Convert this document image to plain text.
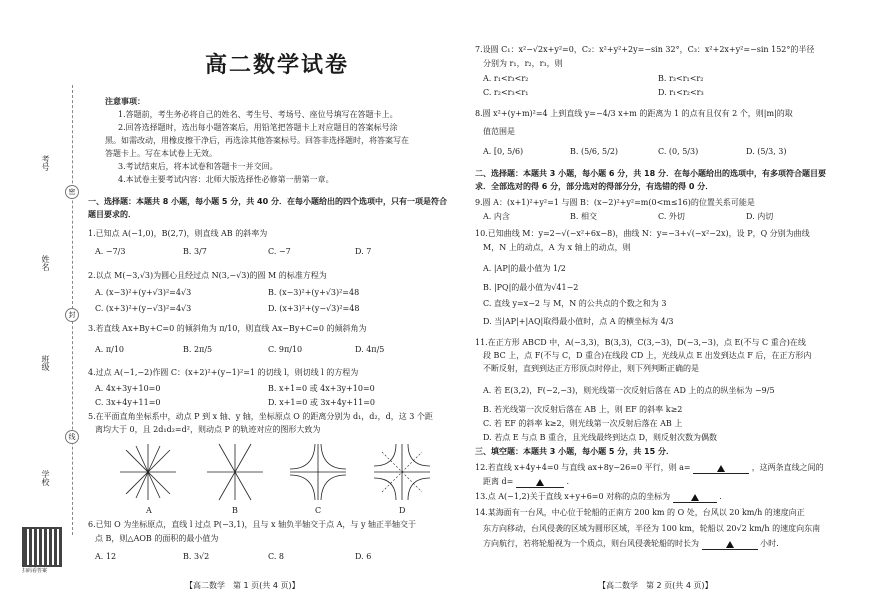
考号
姓名
班级
学校
密
封
线
扫码看答案
高二数学试卷
注意事项：
1.答题前，考生务必将自己的姓名、考生号、考场号、座位号填写在答题卡上。
2.回答选择题时，选出每小题答案后，用铅笔把答题卡上对应题目的答案标号涂
黑。如需改动，用橡皮擦干净后，再选涂其他答案标号。回答非选择题时，将答案写在
答题卡上。写在本试卷上无效。
3.考试结束后，将本试卷和答题卡一并交回。
4.本试卷主要考试内容：北师大版选择性必修第一册第一章。
一、选择题：本题共 8 小题，每小题 5 分，共 40 分．在每小题给出的四个选项中，只有一项是符合
题目要求的．
1.已知点 A(−1,0)，B(2,7)，则直线 AB 的斜率为
A. −7/3	B. 3/7	C. −7	D. 7
2.以点 M(−3,√3)为圆心且经过点 N(3,−√3)的圆 M 的标准方程为
A. (x−3)²+(y+√3)²=4√3	B. (x−3)²+(y+√3)²=48
C. (x+3)²+(y−√3)²=4√3	D. (x+3)²+(y−√3)²=48
3.若直线 Ax+By+C=0 的倾斜角为 π/10，则直线 Ax−By+C=0 的倾斜角为
A. π/10	B. 2π/5	C. 9π/10	D. 4π/5
4.过点 A(−1,−2)作圆 C：(x+2)²+(y−1)²=1 的切线 l，则切线 l 的方程为
A. 4x+3y+10=0	B. x+1=0 或 4x+3y+10=0
C. 3x+4y+11=0	D. x+1=0 或 3x+4y+11=0
5.在平面直角坐标系中，动点 P 到 x 轴、y 轴，坐标原点 O 的距离分别为 d₁，d₂，d，这 3 个距
离均大于 0，且 2d₁d₂=d²，则动点 P 的轨迹对应的图形大致为
A	B	C	D
6.已知 O 为坐标原点，直线 l 过点 P(−3,1)，且与 x 轴负半轴交于点 A，与 y 轴正半轴交于
点 B，则△AOB 的面积的最小值为
A. 12	B. 3√2	C. 8	D. 6
【高二数学　第 1 页(共 4 页)】
7.设圆 C₁：x²−√2x+y²=0，C₂：x²+y²+2y=−sin 32°，C₃：x²+2x+y²=−sin 152°的半径
分别为 r₁，r₂，r₃，则
A. r₁<r₃<r₂	B. r₃<r₁<r₂
C. r₂<r₃<r₁	D. r₁<r₂<r₃
8.圆 x²+(y+m)²=4 上到直线 y=−4/3 x+m 的距离为 1 的点有且仅有 2 个，则|m|的取
值范围是
A. [0, 5/6)	B. (5/6, 5/2)	C. (0, 5/3)	D. (5/3, 3)
二、选择题：本题共 3 小题，每小题 6 分，共 18 分．在每小题给出的选项中，有多项符合题目要
求．全部选对的得 6 分，部分选对的得部分分，有选错的得 0 分．
9.圆 A：(x+1)²+y²=1 与圆 B：(x−2)²+y²=m(0<m≤16)的位置关系可能是
A. 内含	B. 相交	C. 外切	D. 内切
10.已知曲线 M：y=2−√(−x²+6x−8)，曲线 N：y=−3+√(−x²−2x)，设 P，Q 分别为曲线
M，N 上的动点，A 为 x 轴上的动点，则
A. |AP|的最小值为 1/2
B. |PQ|的最小值为√41−2
C. 直线 y=x−2 与 M，N 的公共点的个数之和为 3
D. 当|AP|+|AQ|取得最小值时，点 A 的横坐标为 4/3
11.在正方形 ABCD 中，A(−3,3)，B(3,3)，C(3,−3)，D(−3,−3)，点 E(不与 C 重合)在线
段 BC 上，点 F(不与 C，D 重合)在线段 CD 上，光线从点 E 出发到达点 F 后，在正方形内
不断反射，直到到达正方形顶点时停止，则下列判断正确的是
A. 若 E(3,2)，F(−2,−3)，则光线第一次反射后落在 AD 上的点的纵坐标为 −9/5
B. 若光线第一次反射后落在 AB 上，则 EF 的斜率 k≥2
C. 若 EF 的斜率 k≥2，则光线第一次反射后落在 AB 上
D. 若点 E 与点 B 重合，且光线最终到达点 D，则反射次数为偶数
三、填空题：本题共 3 小题，每小题 5 分，共 15 分．
12.若直线 x+4y+4=0 与直线 ax+8y−26=0 平行，则 a=	，这两条直线之间的
距离 d=	.
13.点 A(−1,2)关于直线 x+y+6=0 对称的点的坐标为	.
14.某海面有一台风，中心位于轮船的正南方 200 km 的 O 处，台风以 20 km/h 的速度向正
东方向移动，台风侵袭的区域为圆形区域，半径为 100 km，轮船以 20√2 km/h 的速度向东南
方向航行，若将轮船视为一个质点，则台风侵袭轮船的时长为	小时.
【高二数学　第 2 页(共 4 页)】
